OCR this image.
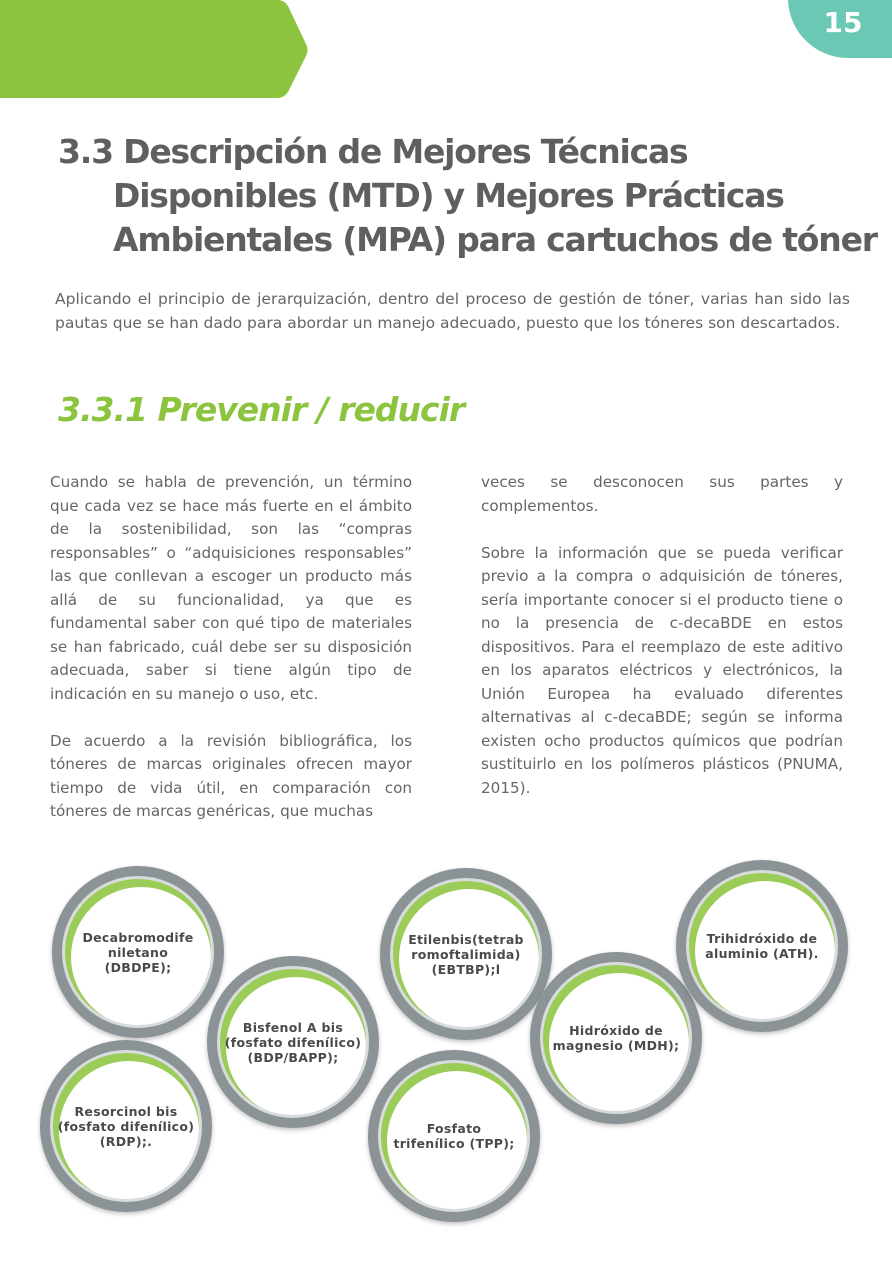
15
3.3 Descripción de Mejores Técnicas
Disponibles (MTD) y Mejores Prácticas
Ambientales (MPA) para cartuchos de tóner

Aplicando el principio de jerarquización, dentro del proceso de gestión de tóner, varias han sido las pautas que se han dado para abordar un manejo adecuado, puesto que los tóneres son descartados.

3.3.1 Prevenir / reducir

Cuando se habla de prevención, un término que cada vez se hace más fuerte en el ámbito de la sostenibilidad, son las “compras responsables” o “adquisiciones responsables” las que conllevan a escoger un producto más allá de su funcionalidad, ya que es fundamental saber con qué tipo de materiales se han fabricado, cuál debe ser su disposición adecuada, saber si tiene algún tipo de indicación en su manejo o uso, etc.

De acuerdo a la revisión bibliográfica, los tóneres de marcas originales ofrecen mayor tiempo de vida útil, en comparación con tóneres de marcas genéricas, que muchas

veces se desconocen sus partes y complementos.

Sobre la información que se pueda verificar previo a la compra o adquisición de tóneres, sería importante conocer si el producto tiene o no la presencia de c-decaBDE en estos dispositivos. Para el reemplazo de este aditivo en los aparatos eléctricos y electrónicos, la Unión Europea ha evaluado diferentes alternativas al c-decaBDE; según se informa existen ocho productos químicos que podrían sustituirlo en los polímeros plásticos (PNUMA, 2015).

Decabromodife
niletano
(DBDPE);
Bisfenol A bis
(fosfato difenílico)
(BDP/BAPP);
Resorcinol bis
(fosfato difenílico)
(RDP);.
Etilenbis(tetrab
romoftalimida)
(EBTBP);l
Fosfato
trifenílico (TPP);
Hidróxido de
magnesio (MDH);
Trihidróxido de
aluminio (ATH).
